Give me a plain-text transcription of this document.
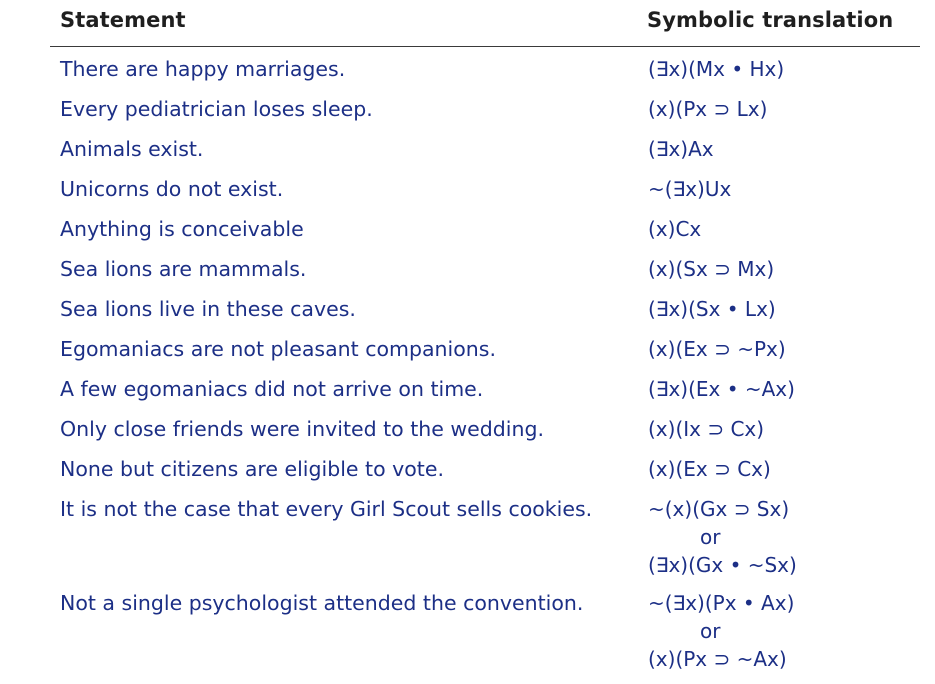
Statement	Symbolic translation
There are happy marriages.	(∃x)(Mx • Hx)
Every pediatrician loses sleep.	(x)(Px ⊃ Lx)
Animals exist.	(∃x)Ax
Unicorns do not exist.	~(∃x)Ux
Anything is conceivable	(x)Cx
Sea lions are mammals.	(x)(Sx ⊃ Mx)
Sea lions live in these caves.	(∃x)(Sx • Lx)
Egomaniacs are not pleasant companions.	(x)(Ex ⊃ ~Px)
A few egomaniacs did not arrive on time.	(∃x)(Ex • ~Ax)
Only close friends were invited to the wedding.	(x)(Ix ⊃ Cx)
None but citizens are eligible to vote.	(x)(Ex ⊃ Cx)
It is not the case that every Girl Scout sells cookies.	~(x)(Gx ⊃ Sx)
or
(∃x)(Gx • ~Sx)
Not a single psychologist attended the convention.	~(∃x)(Px • Ax)
or
(x)(Px ⊃ ~Ax)
